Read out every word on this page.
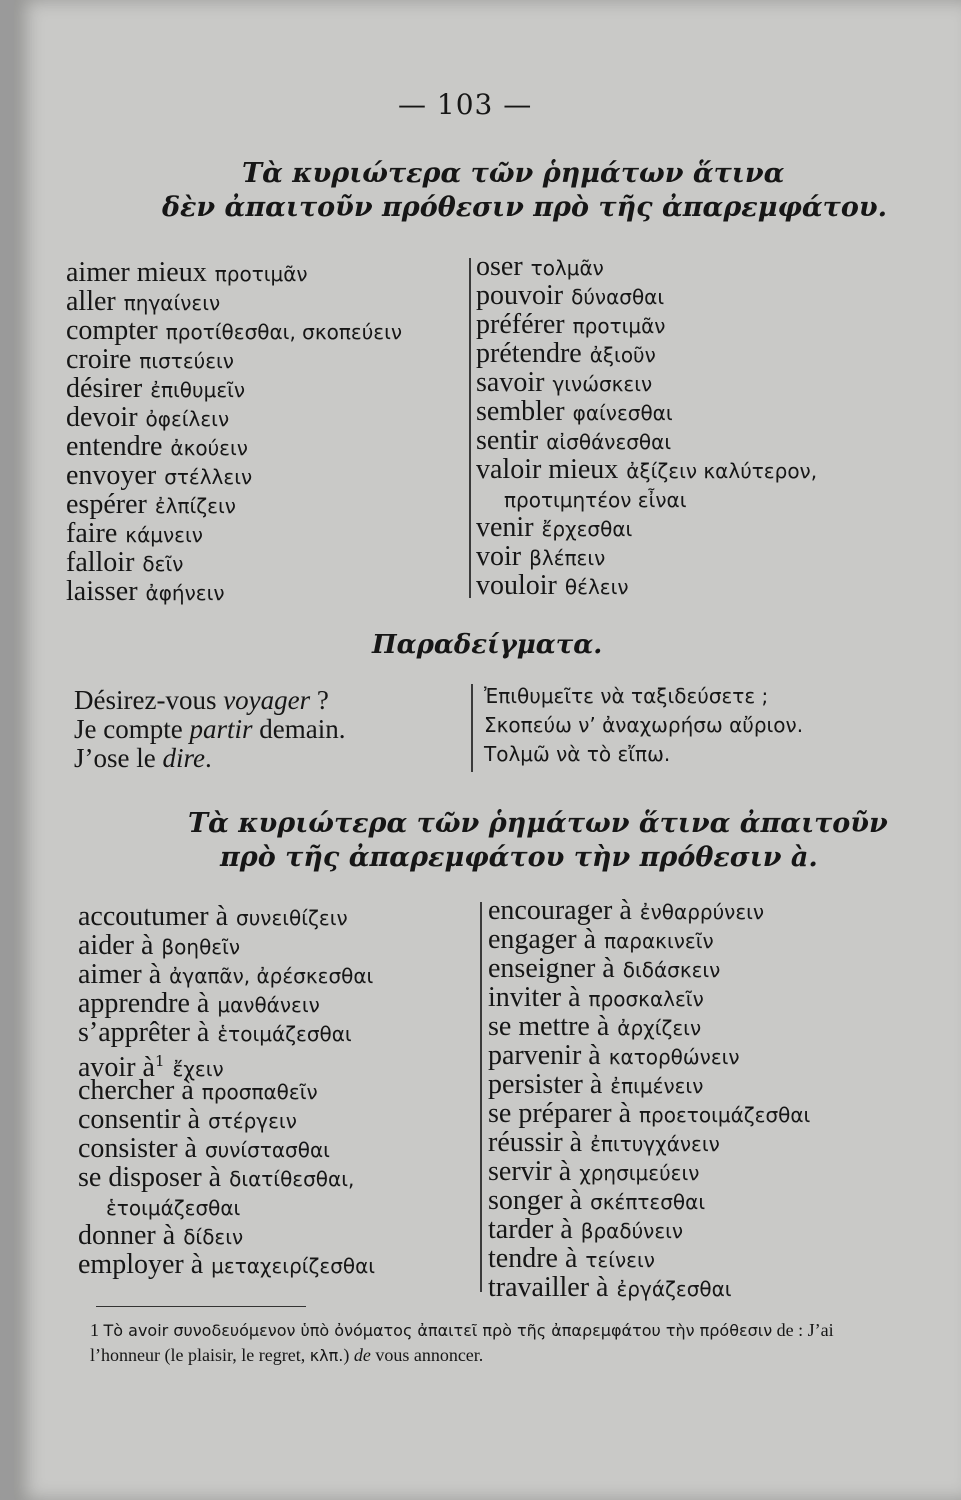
— 103 —
Τὰ κυριώτερα τῶν ῥημάτων ἅτινα
δὲν ἀπαιτοῦν πρόθεσιν πρὸ τῆς ἀπαρεμφάτου.
aimer mieux προτιμᾶν
aller πηγαίνειν
compter προτίθεσθαι, σκοπεύειν
croire πιστεύειν
désirer ἐπιθυμεῖν
devoir ὀφείλειν
entendre ἀκούειν
envoyer στέλλειν
espérer ἐλπίζειν
faire κάμνειν
falloir δεῖν
laisser ἀφήνειν
oser τολμᾶν
pouvoir δύνασθαι
préférer προτιμᾶν
prétendre ἀξιοῦν
savoir γινώσκειν
sembler φαίνεσθαι
sentir αἰσθάνεσθαι
valoir mieux ἀξίζειν καλύτερον,
προτιμητέον εἶναι
venir ἔρχεσθαι
voir βλέπειν
vouloir θέλειν
Παραδείγματα.
Désirez-vous voyager ?
Je compte partir demain.
J’ose le dire.
Ἐπιθυμεῖτε νὰ ταξιδεύσετε ;
Σκοπεύω ν’ ἀναχωρήσω αὔριον.
Τολμῶ νὰ τὸ εἴπω.
Τὰ κυριώτερα τῶν ῥημάτων ἅτινα ἀπαιτοῦν
πρὸ τῆς ἀπαρεμφάτου τὴν πρόθεσιν à.
accoutumer à συνειθίζειν
aider à βοηθεῖν
aimer à ἀγαπᾶν, ἀρέσκεσθαι
apprendre à μανθάνειν
s’apprêter à ἑτοιμάζεσθαι
avoir $à^1$ ἔχειν
chercher à προσπαθεῖν
consentir à στέργειν
consister à συνίστασθαι
se disposer à διατίθεσθαι,
ἑτοιμάζεσθαι
donner à δίδειν
employer à μεταχειρίζεσθαι
encourager à ἐνθαρρύνειν
engager à παρακινεῖν
enseigner à διδάσκειν
inviter à προσκαλεῖν
se mettre à ἀρχίζειν
parvenir à κατορθώνειν
persister à ἐπιμένειν
se préparer à προετοιμάζεσθαι
réussir à ἐπιτυγχάνειν
servir à χρησιμεύειν
songer à σκέπτεσθαι
tarder à βραδύνειν
tendre à τείνειν
travailler à ἐργάζεσθαι
1 Τὸ avoir συνοδευόμενον ὑπὸ ὀνόματος ἀπαιτεῖ πρὸ τῆς ἀπαρεμφάτου τὴν πρόθεσιν de : J’ai l’honneur (le plaisir, le regret, κλπ.) de vous annoncer.
